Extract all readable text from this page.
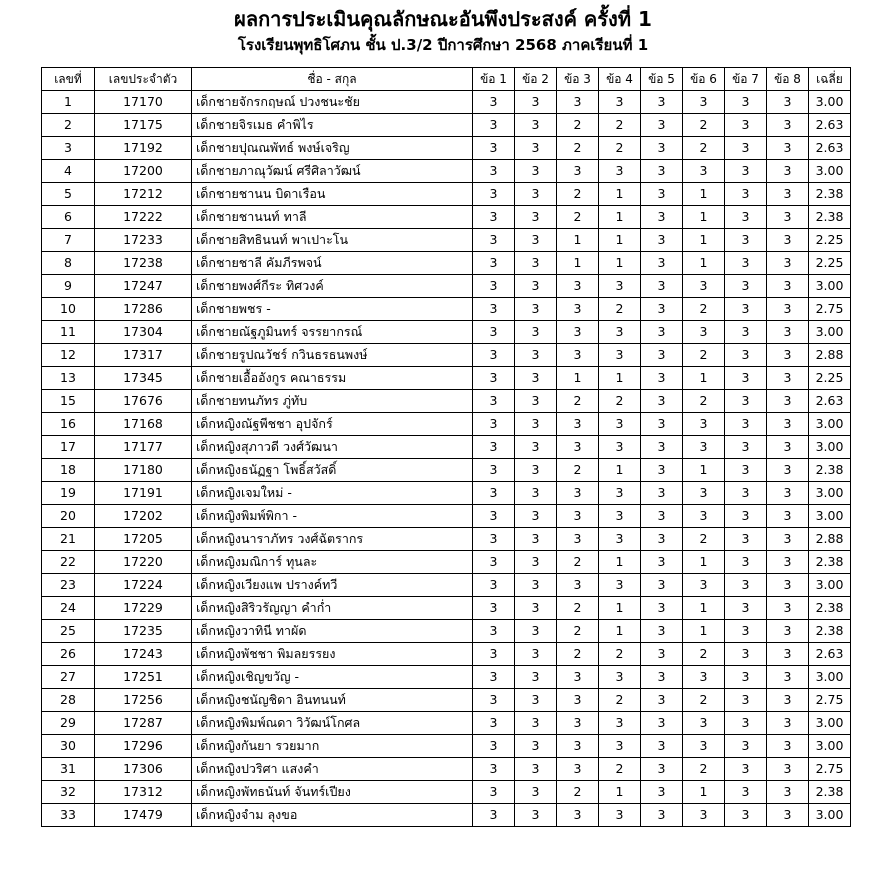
ผลการประเมินคุณลักษณะอันพึงประสงค์ ครั้งที่ 1
โรงเรียนพุทธิโศภน ชั้น ป.3/2 ปีการศึกษา 2568 ภาคเรียนที่ 1
เลขที่	เลขประจำตัว	ชื่อ - สกุล	ข้อ 1	ข้อ 2	ข้อ 3	ข้อ 4	ข้อ 5	ข้อ 6	ข้อ 7	ข้อ 8	เฉลี่ย
1	17170	เด็กชายจักรกฤษณ์ ปวงชนะชัย	3	3	3	3	3	3	3	3	3.00
2	17175	เด็กชายจิรเมธ คำพิไร	3	3	2	2	3	2	3	3	2.63
3	17192	เด็กชายปุณณพัทธ์ พงษ์เจริญ	3	3	2	2	3	2	3	3	2.63
4	17200	เด็กชายภาณุวัฒน์ ศรีศิลาวัฒน์	3	3	3	3	3	3	3	3	3.00
5	17212	เด็กชายชานน บิดาเรือน	3	3	2	1	3	1	3	3	2.38
6	17222	เด็กชายชานนท์ ทาลี	3	3	2	1	3	1	3	3	2.38
7	17233	เด็กชายสิทธินนท์ พาเปาะโน	3	3	1	1	3	1	3	3	2.25
8	17238	เด็กชายชาลี คัมภีรพจน์	3	3	1	1	3	1	3	3	2.25
9	17247	เด็กชายพงศ์กีระ ทิศวงค์	3	3	3	3	3	3	3	3	3.00
10	17286	เด็กชายพชร -	3	3	3	2	3	2	3	3	2.75
11	17304	เด็กชายณัฐภูมินทร์ จรรยากรณ์	3	3	3	3	3	3	3	3	3.00
12	17317	เด็กชายรูปณวัชร์ กวินธรธนพงษ์	3	3	3	3	3	2	3	3	2.88
13	17345	เด็กชายเอื้ออังกูร คณาธรรม	3	3	1	1	3	1	3	3	2.25
15	17676	เด็กชายทนภัทร ภู่ทับ	3	3	2	2	3	2	3	3	2.63
16	17168	เด็กหญิงณัฐพีชชา อุปจักร์	3	3	3	3	3	3	3	3	3.00
17	17177	เด็กหญิงสุภาวดี วงศ์วัฒนา	3	3	3	3	3	3	3	3	3.00
18	17180	เด็กหญิงธนัฏฐา โพธิ์สวัสดิ์	3	3	2	1	3	1	3	3	2.38
19	17191	เด็กหญิงเจมใหม่ -	3	3	3	3	3	3	3	3	3.00
20	17202	เด็กหญิงพิมพ์พิกา -	3	3	3	3	3	3	3	3	3.00
21	17205	เด็กหญิงนาราภัทร วงศ์ฉัตรากร	3	3	3	3	3	2	3	3	2.88
22	17220	เด็กหญิงมณิการ์ ทุนละ	3	3	2	1	3	1	3	3	2.38
23	17224	เด็กหญิงเวียงแพ ปรางค์ทวี	3	3	3	3	3	3	3	3	3.00
24	17229	เด็กหญิงสิริวรัญญา คำก่ำ	3	3	2	1	3	1	3	3	2.38
25	17235	เด็กหญิงวาทินี ทาผัด	3	3	2	1	3	1	3	3	2.38
26	17243	เด็กหญิงพัชชา พิมลยรรยง	3	3	2	2	3	2	3	3	2.63
27	17251	เด็กหญิงเชิญขวัญ -	3	3	3	3	3	3	3	3	3.00
28	17256	เด็กหญิงชนัญชิดา อินทนนท์	3	3	3	2	3	2	3	3	2.75
29	17287	เด็กหญิงพิมพ์ณดา วิวัฒน์โกศล	3	3	3	3	3	3	3	3	3.00
30	17296	เด็กหญิงกันยา รวยมาก	3	3	3	3	3	3	3	3	3.00
31	17306	เด็กหญิงปวริศา แสงคำ	3	3	3	2	3	2	3	3	2.75
32	17312	เด็กหญิงพัทธนันท์ จันทร์เปียง	3	3	2	1	3	1	3	3	2.38
33	17479	เด็กหญิงจำม ลุงขอ	3	3	3	3	3	3	3	3	3.00
